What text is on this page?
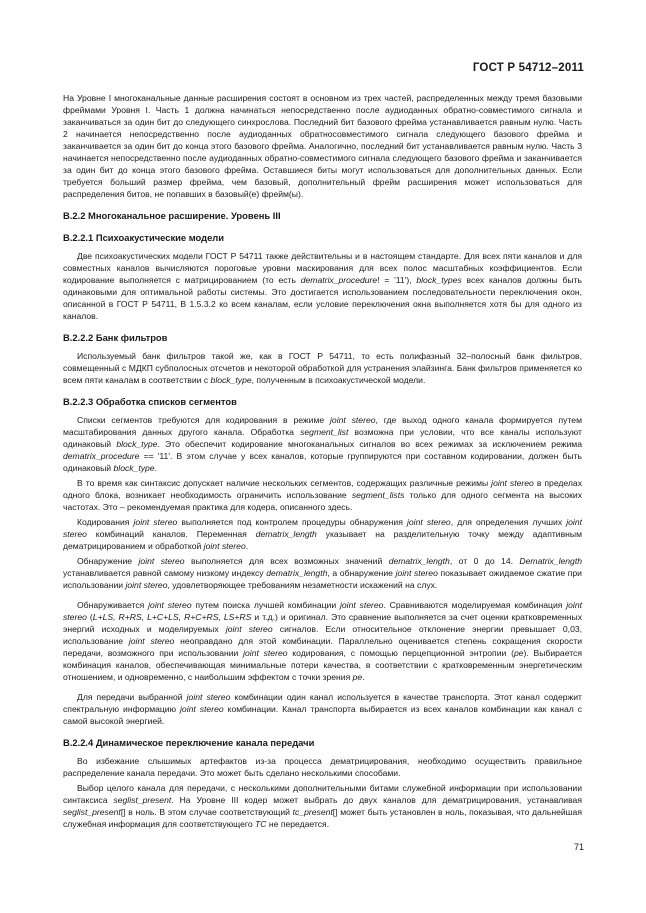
ГОСТ Р 54712–2011

На Уровне I многоканальные данные расширения состоят в основном из трех частей, распределенных между тремя базовыми фреймами Уровня I. Часть 1 должна начинаться непосредственно после аудиоданных обратно-совместимого сигнала и заканчиваться за один бит до следующего синхрослова. Последний бит базового фрейма устанавливается равным нулю. Часть 2 начинается непосредственно после аудиоданных обратносовместимого сигнала следующего базового фрейма и заканчивается за один бит до конца этого базового фрейма. Аналогично, последний бит устанавливается равным нулю. Часть 3 начинается непосредственно после аудиоданных обратно-совместимого сигнала следующего базового фрейма и заканчивается за один бит до конца этого базового фрейма. Оставшиеся биты могут использоваться для дополнительных данных. Если требуется больший размер фрейма, чем базовый, дополнительный фрейм расширения может использоваться для распределения битов, не попавших в базовый(е) фрейм(ы).

В.2.2 Многоканальное расширение. Уровень III
В.2.2.1 Психоакустические модели

Две психоакустических модели ГОСТ Р 54711 также действительны и в настоящем стандарте. Для всех пяти каналов и для совместных каналов вычисляются пороговые уровни маскирования для всех полос масштабных коэффициентов. Если кодирование выполняется с матрицированием (то есть dematrix_procedure! = '11'), block_types всех каналов должны быть одинаковыми для оптимальной работы системы. Это достигается использованием последовательности переключения окон, описанной в ГОСТ Р 54711, В 1.5.3.2 ко всем каналам, если условие переключения окна выполняется хотя бы для одного из каналов.

В.2.2.2 Банк фильтров

Используемый банк фильтров такой же, как в ГОСТ Р 54711, то есть полифазный 32–полосный банк фильтров, совмещенный с МДКП субполосных отсчетов и некоторой обработкой для устранения элайзинга. Банк фильтров применяется ко всем пяти каналам в соответствии с block_type, полученным в психоакустической модели.

В.2.2.3 Обработка списков сегментов

Списки сегментов требуются для кодирования в режиме joint stereo, где выход одного канала формируется путем масштабирования данных другого канала. Обработка segment_list возможна при условии, что все каналы используют одинаковый block_type. Это обеспечит кодирование многоканальных сигналов во всех режимах за исключением режима dematrix_procedure == '11'. В этом случае у всех каналов, которые группируются при составном кодировании, должен быть одинаковый block_type.

В то время как синтаксис допускает наличие нескольких сегментов, содержащих различные режимы joint stereo в пределах одного блока, возникает необходимость ограничить использование segment_lists только для одного сегмента на высоких частотах. Это – рекомендуемая практика для кодера, описанного здесь.

Кодирования joint stereo выполняется под контролем процедуры обнаружения joint stereo, для определения лучших joint stereo комбинаций каналов. Переменная dematrix_length указывает на разделительную точку между адаптивным дематрицированием и обработкой joint stereo.

Обнаружение joint stereo выполняется для всех возможных значений dematrix_length, от 0 до 14. Dematrix_length устанавливается равной самому низкому индексу dematrix_length, а обнаружение joint stereo показывает ожидаемое сжатие при использовании joint stereo, удовлетворяющее требованиям незаметности искажений на слух.

Обнаруживается joint stereo путем поиска лучшей комбинации joint stereo. Сравниваются моделируемая комбинация joint stereo (L+LS, R+RS, L+C+LS, R+C+RS, LS+RS и т.д.) и оригинал. Это сравнение выполняется за счет оценки кратковременных энергий исходных и моделируемых joint stereo сигналов. Если относительное отклонение энергии превышает 0,03, использование joint stereo неоправдано для этой комбинации. Параллельно оценивается степень сокращения скорости передачи, возможного при использовании joint stereo кодирования, с помощью перцепционной энтропии (pe). Выбирается комбинация каналов, обеспечивающая минимальные потери качества, в соответствии с кратковременным энергетическим отношением, и одновременно, с наибольшим эффектом с точки зрения pe.

Для передачи выбранной joint stereo комбинации один канал используется в качестве транспорта. Этот канал содержит спектральную информацию joint stereo комбинации. Канал транспорта выбирается из всех каналов комбинации как канал с самой высокой энергией.

В.2.2.4 Динамическое переключение канала передачи

Во избежание слышимых артефактов из-за процесса дематрицирования, необходимо осуществить правильное распределение канала передачи. Это может быть сделано несколькими способами.

Выбор целого канала для передачи, с несколькими дополнительными битами служебной информации при использовании синтаксиса seglist_present. На Уровне III кодер может выбрать до двух каналов для дематрицирования, устанавливая seglist_present[] в ноль. В этом случае соответствующий tc_present[] может быть установлен в ноль, показывая, что дальнейшая служебная информация для соответствующего TC не передается.

71
